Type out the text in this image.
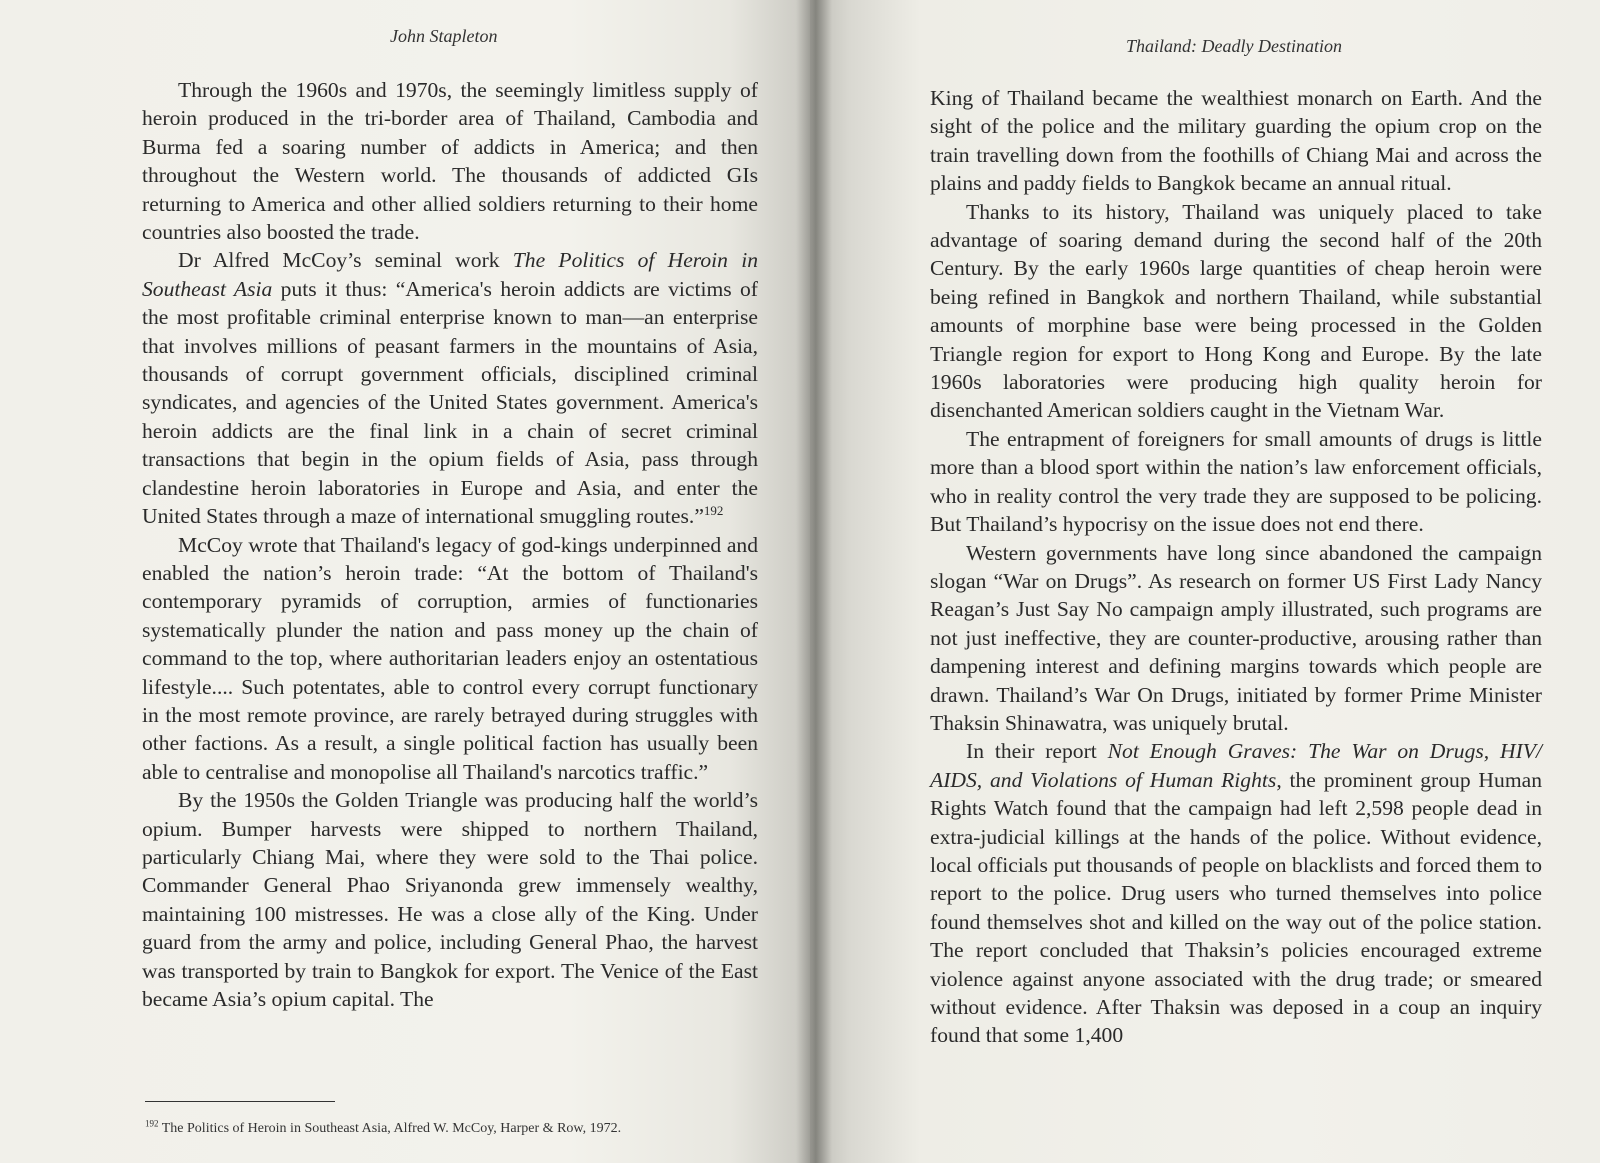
John Stapleton

Through the 1960s and 1970s, the seemingly limitless supply of heroin produced in the tri-border area of Thailand, Cambodia and Burma fed a soaring number of addicts in America; and then throughout the Western world. The thousands of addicted GIs returning to America and other allied soldiers returning to their home countries also boosted the trade.

Dr Alfred McCoy’s seminal work The Politics of Heroin in Southeast Asia puts it thus: “America's heroin addicts are victims of the most profitable criminal enterprise known to man—an enterprise that involves millions of peasant farmers in the mountains of Asia, thousands of corrupt government officials, disciplined criminal syndicates, and agencies of the United States government. America's heroin addicts are the final link in a chain of secret criminal transactions that begin in the opium fields of Asia, pass through clandestine heroin laboratories in Europe and Asia, and enter the United States through a maze of international smuggling routes.”$^{192}$

McCoy wrote that Thailand's legacy of god-kings underpinned and enabled the nation’s heroin trade: “At the bottom of Thailand's contemporary pyramids of corruption, armies of functionaries systematically plunder the nation and pass money up the chain of command to the top, where authoritarian leaders enjoy an ostentatious lifestyle.... Such potentates, able to control every corrupt functionary in the most remote province, are rarely betrayed during struggles with other factions. As a result, a single political faction has usually been able to centralise and monopolise all Thailand's narcotics traffic.”

By the 1950s the Golden Triangle was producing half the world’s opium. Bumper harvests were shipped to northern Thailand, particularly Chiang Mai, where they were sold to the Thai police. Commander General Phao Sriyanonda grew immensely wealthy, maintaining 100 mistresses. He was a close ally of the King. Under guard from the army and police, including General Phao, the harvest was transported by train to Bangkok for export. The Venice of the East became Asia’s opium capital. The

$^{192}$ The Politics of Heroin in Southeast Asia, Alfred W. McCoy, Harper & Row, 1972.
Thailand: Deadly Destination

King of Thailand became the wealthiest monarch on Earth. And the sight of the police and the military guarding the opium crop on the train travelling down from the foothills of Chiang Mai and across the plains and paddy fields to Bangkok became an annual ritual.

Thanks to its history, Thailand was uniquely placed to take advantage of soaring demand during the second half of the 20th Century. By the early 1960s large quantities of cheap heroin were being refined in Bangkok and northern Thailand, while substantial amounts of morphine base were being processed in the Golden Triangle region for export to Hong Kong and Europe. By the late 1960s laboratories were producing high quality heroin for disenchanted American soldiers caught in the Vietnam War.

The entrapment of foreigners for small amounts of drugs is little more than a blood sport within the nation’s law enforcement officials, who in reality control the very trade they are supposed to be policing. But Thailand’s hypocrisy on the issue does not end there.

Western governments have long since abandoned the campaign slogan “War on Drugs”. As research on former US First Lady Nancy Reagan’s Just Say No campaign amply illustrated, such programs are not just ineffective, they are counter-productive, arousing rather than dampening interest and defining margins towards which people are drawn. Thailand’s War On Drugs, initiated by former Prime Minister Thaksin Shinawatra, was uniquely brutal.

In their report Not Enough Graves: The War on Drugs, HIV/ AIDS, and Violations of Human Rights, the prominent group Human Rights Watch found that the campaign had left 2,598 people dead in extra-judicial killings at the hands of the police. Without evidence, local officials put thousands of people on blacklists and forced them to report to the police. Drug users who turned themselves into police found themselves shot and killed on the way out of the police station. The report concluded that Thaksin’s policies encouraged extreme violence against anyone associated with the drug trade; or smeared without evidence. After Thaksin was deposed in a coup an inquiry found that some 1,400
